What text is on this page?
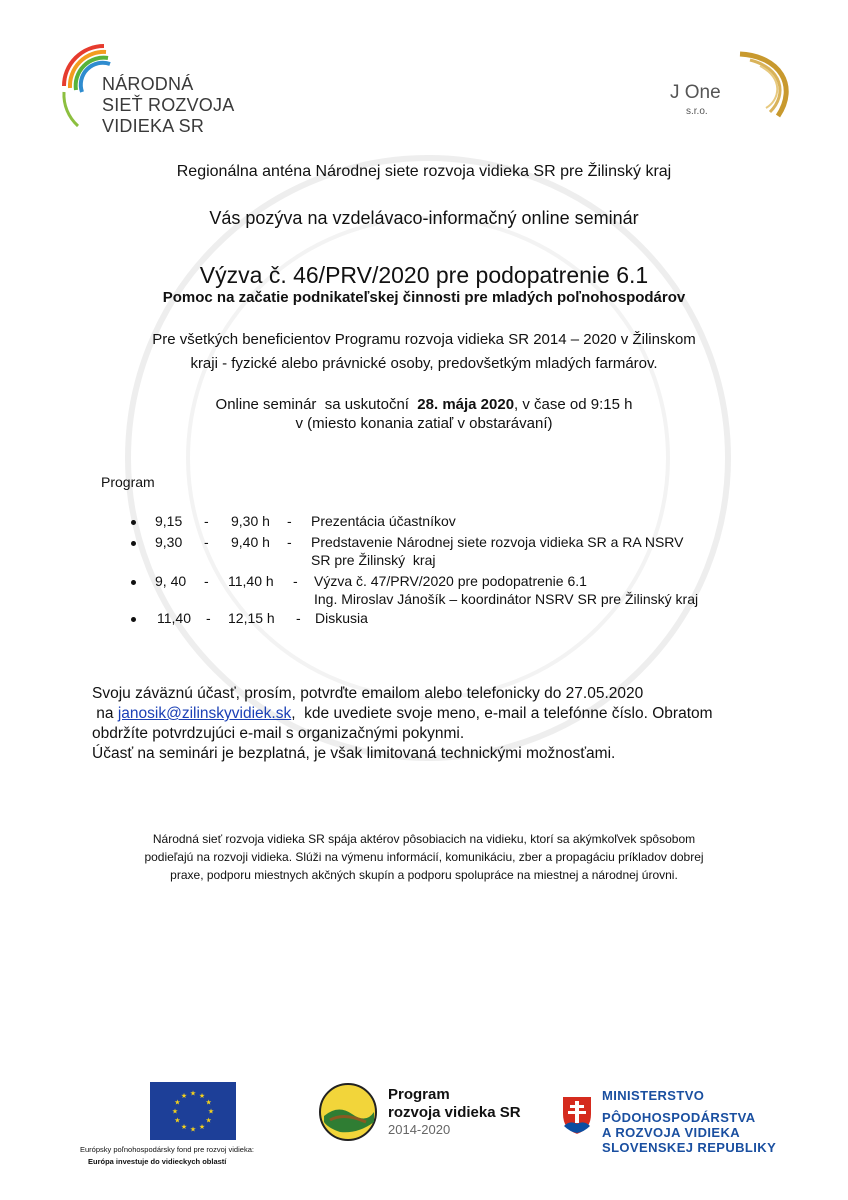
NÁRODNÁ
SIEŤ ROZVOJA
VIDIEKA SR
J One
s.r.o.
Regionálna anténa Národnej siete rozvoja vidieka SR pre Žilinský kraj
Vás pozýva na vzdelávaco-informačný online seminár
Výzva č. 46/PRV/2020 pre podopatrenie 6.1
Pomoc na začatie podnikateľskej činnosti pre mladých poľnohospodárov
Pre všetkých beneficientov Programu rozvoja vidieka SR 2014 – 2020 v Žilinskom
kraji - fyzické alebo právnické osoby, predovšetkým mladých farmárov.
Online seminár  sa uskutoční  28. mája 2020, v čase od 9:15 h
v (miesto konania zatiaľ v obstarávaní)
Program
9,15 - 9,30 h - Prezentácia účastníkov
9,30 - 9,40 h - Predstavenie Národnej siete rozvoja vidieka SR a RA NSRV
SR pre Žilinský  kraj
9, 40 - 11,40 h - Výzva č. 47/PRV/2020 pre podopatrenie 6.1
Ing. Miroslav Jánošík – koordinátor NSRV SR pre Žilinský kraj
11,40 - 12,15 h - Diskusia
Svoju záväznú účasť, prosím, potvrďte emailom alebo telefonicky do 27.05.2020
na janosik@zilinskyvidiek.sk,  kde uvediete svoje meno, e-mail a telefónne číslo. Obratom
obdržíte potvrdzujúci e-mail s organizačnými pokynmi.
Účasť na seminári je bezplatná, je však limitovaná technickými možnosťami.
Národná sieť rozvoja vidieka SR spája aktérov pôsobiacich na vidieku, ktorí sa akýmkoľvek spôsobom
podieľajú na rozvoji vidieka. Slúži na výmenu informácií, komunikáciu, zber a propagáciu príkladov dobrej
praxe, podporu miestnych akčných skupín a podporu spolupráce na miestnej a národnej úrovni.
★ ★
★
★
★
★
★
★
★
★
★
★
Európsky poľnohospodársky fond pre rozvoj vidieka:
Európa investuje do vidieckych oblastí
Program
rozvoja vidieka SR
2014-2020
MINISTERSTVO
PÔDOHOSPODÁRSTVA
A ROZVOJA VIDIEKA
SLOVENSKEJ REPUBLIKY
